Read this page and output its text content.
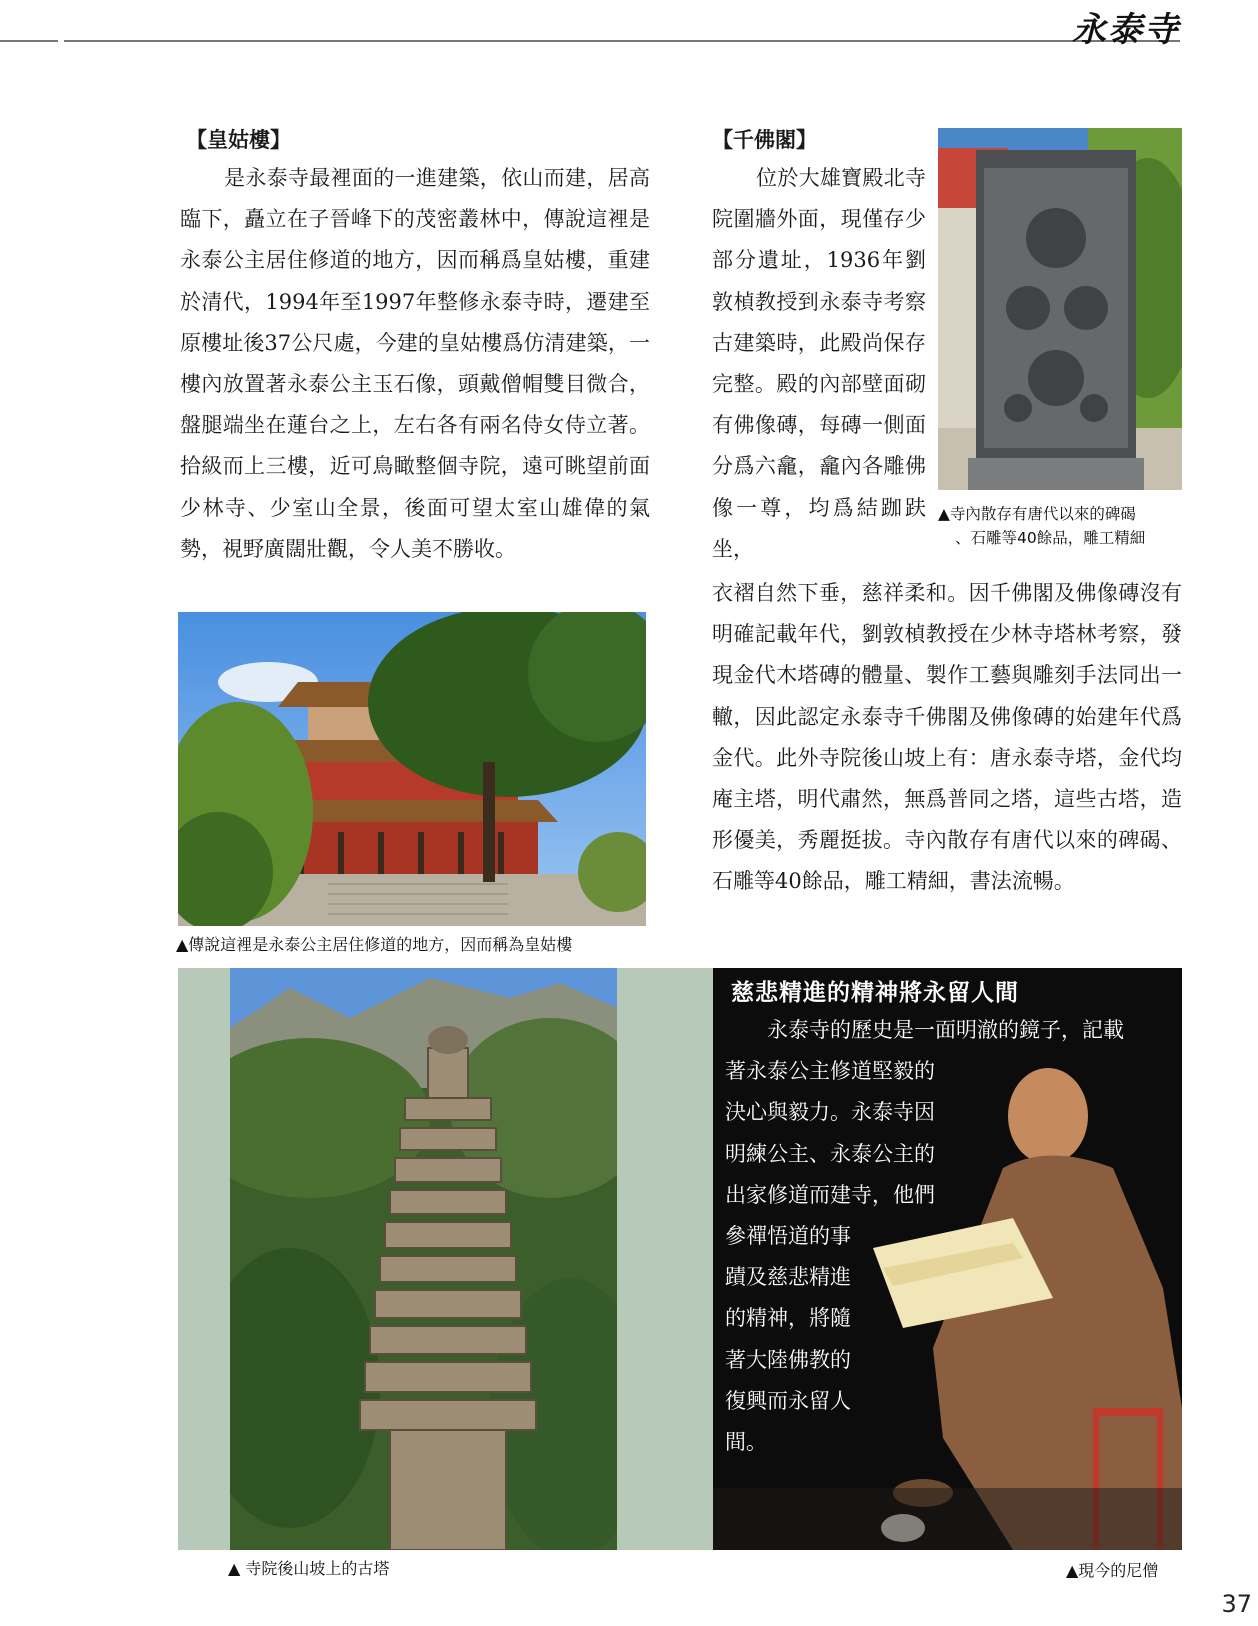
永泰寺
【皇姑樓】

是永泰寺最裡面的一進建築，依山而建，居高臨下，矗立在子晉峰下的茂密叢林中，傳說這裡是永泰公主居住修道的地方，因而稱爲皇姑樓，重建於清代，1994年至1997年整修永泰寺時，遷建至原樓址後37公尺處，今建的皇姑樓爲仿清建築，一樓內放置著永泰公主玉石像，頭戴僧帽雙目微合，盤腿端坐在蓮台之上，左右各有兩名侍女侍立著。拾級而上三樓，近可鳥瞰整個寺院，遠可眺望前面少林寺、少室山全景，後面可望太室山雄偉的氣勢，視野廣闊壯觀，令人美不勝收。

▲傳說這裡是永泰公主居住修道的地方，因而稱為皇姑樓
【千佛閣】

位於大雄寶殿北寺院圍牆外面，現僅存少部分遺址，1936年劉敦楨教授到永泰寺考察古建築時，此殿尚保存完整。殿的內部壁面砌有佛像磚，每磚一側面分爲六龕，龕內各雕佛像一尊，均爲結跏趺坐，

▲寺內散存有唐代以來的碑碣
、石雕等40餘品，雕工精細

衣褶自然下垂，慈祥柔和。因千佛閣及佛像磚沒有明確記載年代，劉敦楨教授在少林寺塔林考察，發現金代木塔磚的體量、製作工藝與雕刻手法同出一轍，因此認定永泰寺千佛閣及佛像磚的始建年代爲金代。此外寺院後山坡上有：唐永泰寺塔，金代均庵主塔，明代肅然，無爲普同之塔，這些古塔，造形優美，秀麗挺拔。寺內散存有唐代以來的碑碣、石雕等40餘品，雕工精細，書法流暢。

▲ 寺院後山坡上的古塔
慈悲精進的精神將永留人間
永泰寺的歷史是一面明澈的鏡子，記載
著永泰公主修道堅毅的
決心與毅力。永泰寺因
明練公主、永泰公主的
出家修道而建寺，他們
參禪悟道的事
蹟及慈悲精進
的精神，將隨
著大陸佛教的
復興而永留人
間。
▲現今的尼僧
37
